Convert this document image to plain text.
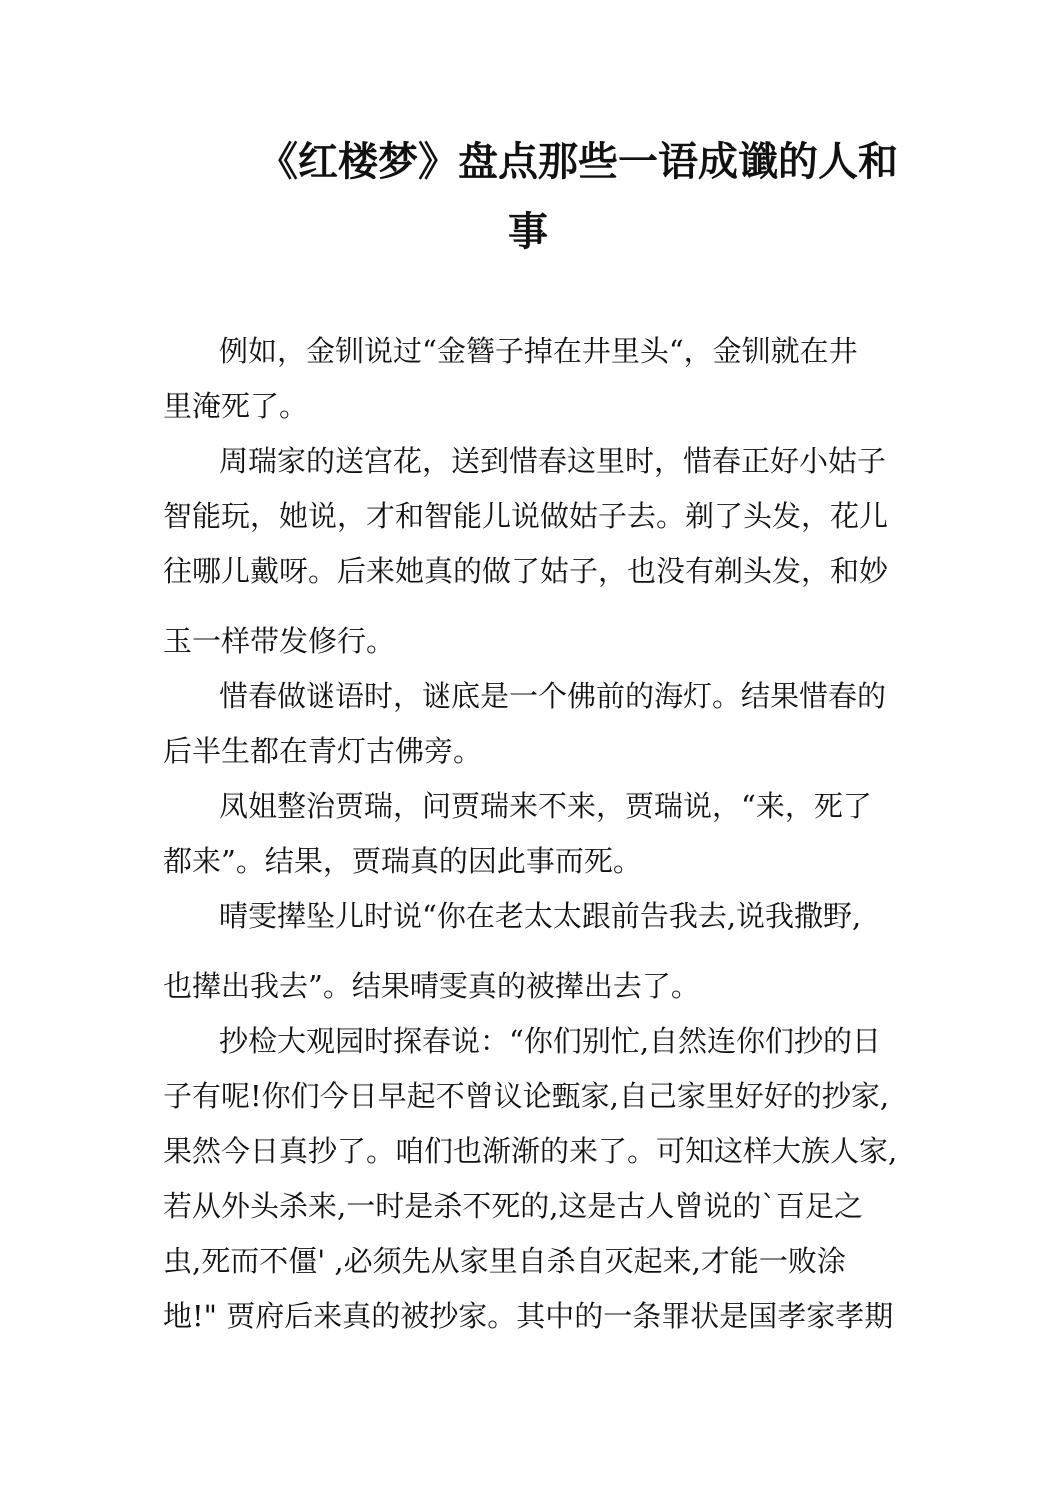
《红楼梦》盘点那些一语成谶的人和
事
例如，金钏说过“金簪子掉在井里头“，金钏就在井
里淹死了。
周瑞家的送宫花，送到惜春这里时，惜春正好小姑子
智能玩，她说，才和智能儿说做姑子去。剃了头发，花儿
往哪儿戴呀。后来她真的做了姑子，也没有剃头发，和妙
玉一样带发修行。
惜春做谜语时，谜底是一个佛前的海灯。结果惜春的
后半生都在青灯古佛旁。
凤姐整治贾瑞，问贾瑞来不来，贾瑞说，“来，死了
都来”。结果，贾瑞真的因此事而死。
晴雯撵坠儿时说“你在老太太跟前告我去,说我撒野,
也撵出我去”。结果晴雯真的被撵出去了。
抄检大观园时探春说：“你们别忙,自然连你们抄的日
子有呢!你们今日早起不曾议论甄家,自己家里好好的抄家,
果然今日真抄了。咱们也渐渐的来了。可知这样大族人家,
若从外头杀来,一时是杀不死的,这是古人曾说的`百足之
虫,死而不僵' ,必须先从家里自杀自灭起来,才能一败涂
地!" 贾府后来真的被抄家。其中的一条罪状是国孝家孝期
